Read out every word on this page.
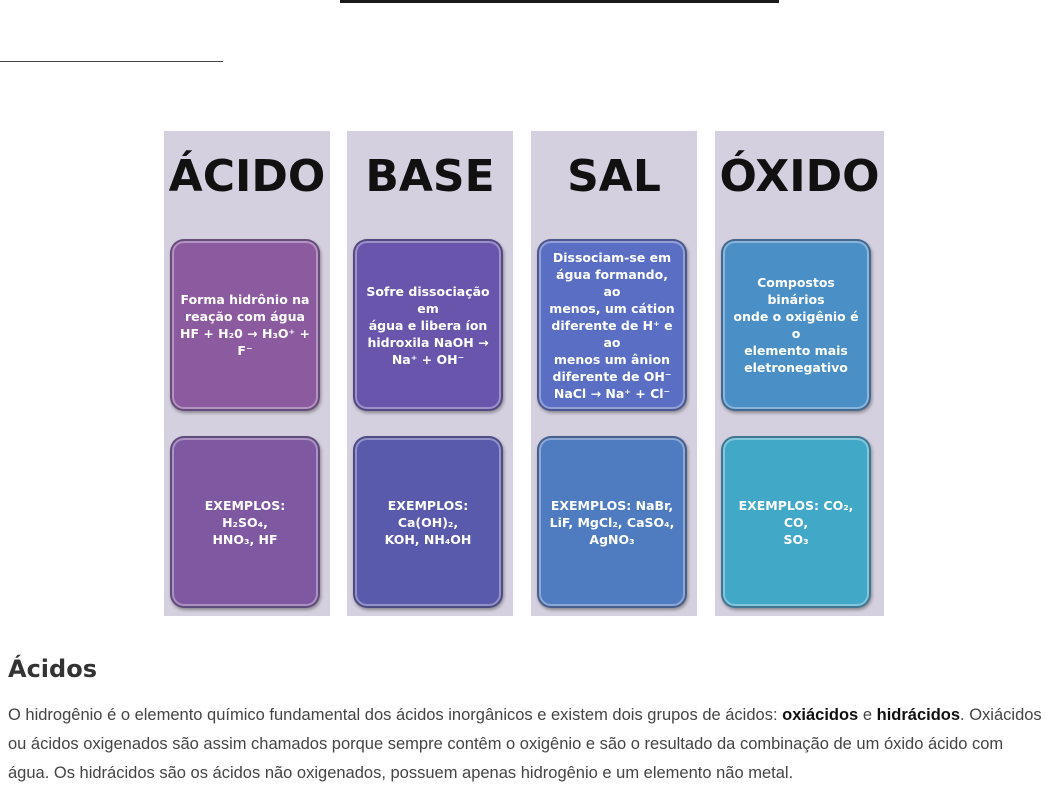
ÁCIDO
Forma hidrônio na
reação com água
HF + H₂0 → H₃O⁺ + F⁻
EXEMPLOS: H₂SO₄,
HNO₃, HF
BASE
Sofre dissociação em
água e libera íon
hidroxila NaOH →
Na⁺ + OH⁻
EXEMPLOS: Ca(OH)₂,
KOH, NH₄OH
SAL
Dissociam-se em
água formando, ao
menos, um cátion
diferente de H⁺ e ao
menos um ânion
diferente de OH⁻
NaCl → Na⁺ + Cl⁻
EXEMPLOS: NaBr,
LiF, MgCl₂, CaSO₄,
AgNO₃
ÓXIDO
Compostos binários
onde o oxigênio é o
elemento mais
eletronegativo
EXEMPLOS: CO₂, CO,
SO₃
Ácidos
O hidrogênio é o elemento químico fundamental dos ácidos inorgânicos e existem dois grupos de ácidos: oxiácidos e hidrácidos. Oxiácidos ou ácidos oxigenados são assim chamados porque sempre contêm o oxigênio e são o resultado da combinação de um óxido ácido com água. Os hidrácidos são os ácidos não oxigenados, possuem apenas hidrogênio e um elemento não metal.
